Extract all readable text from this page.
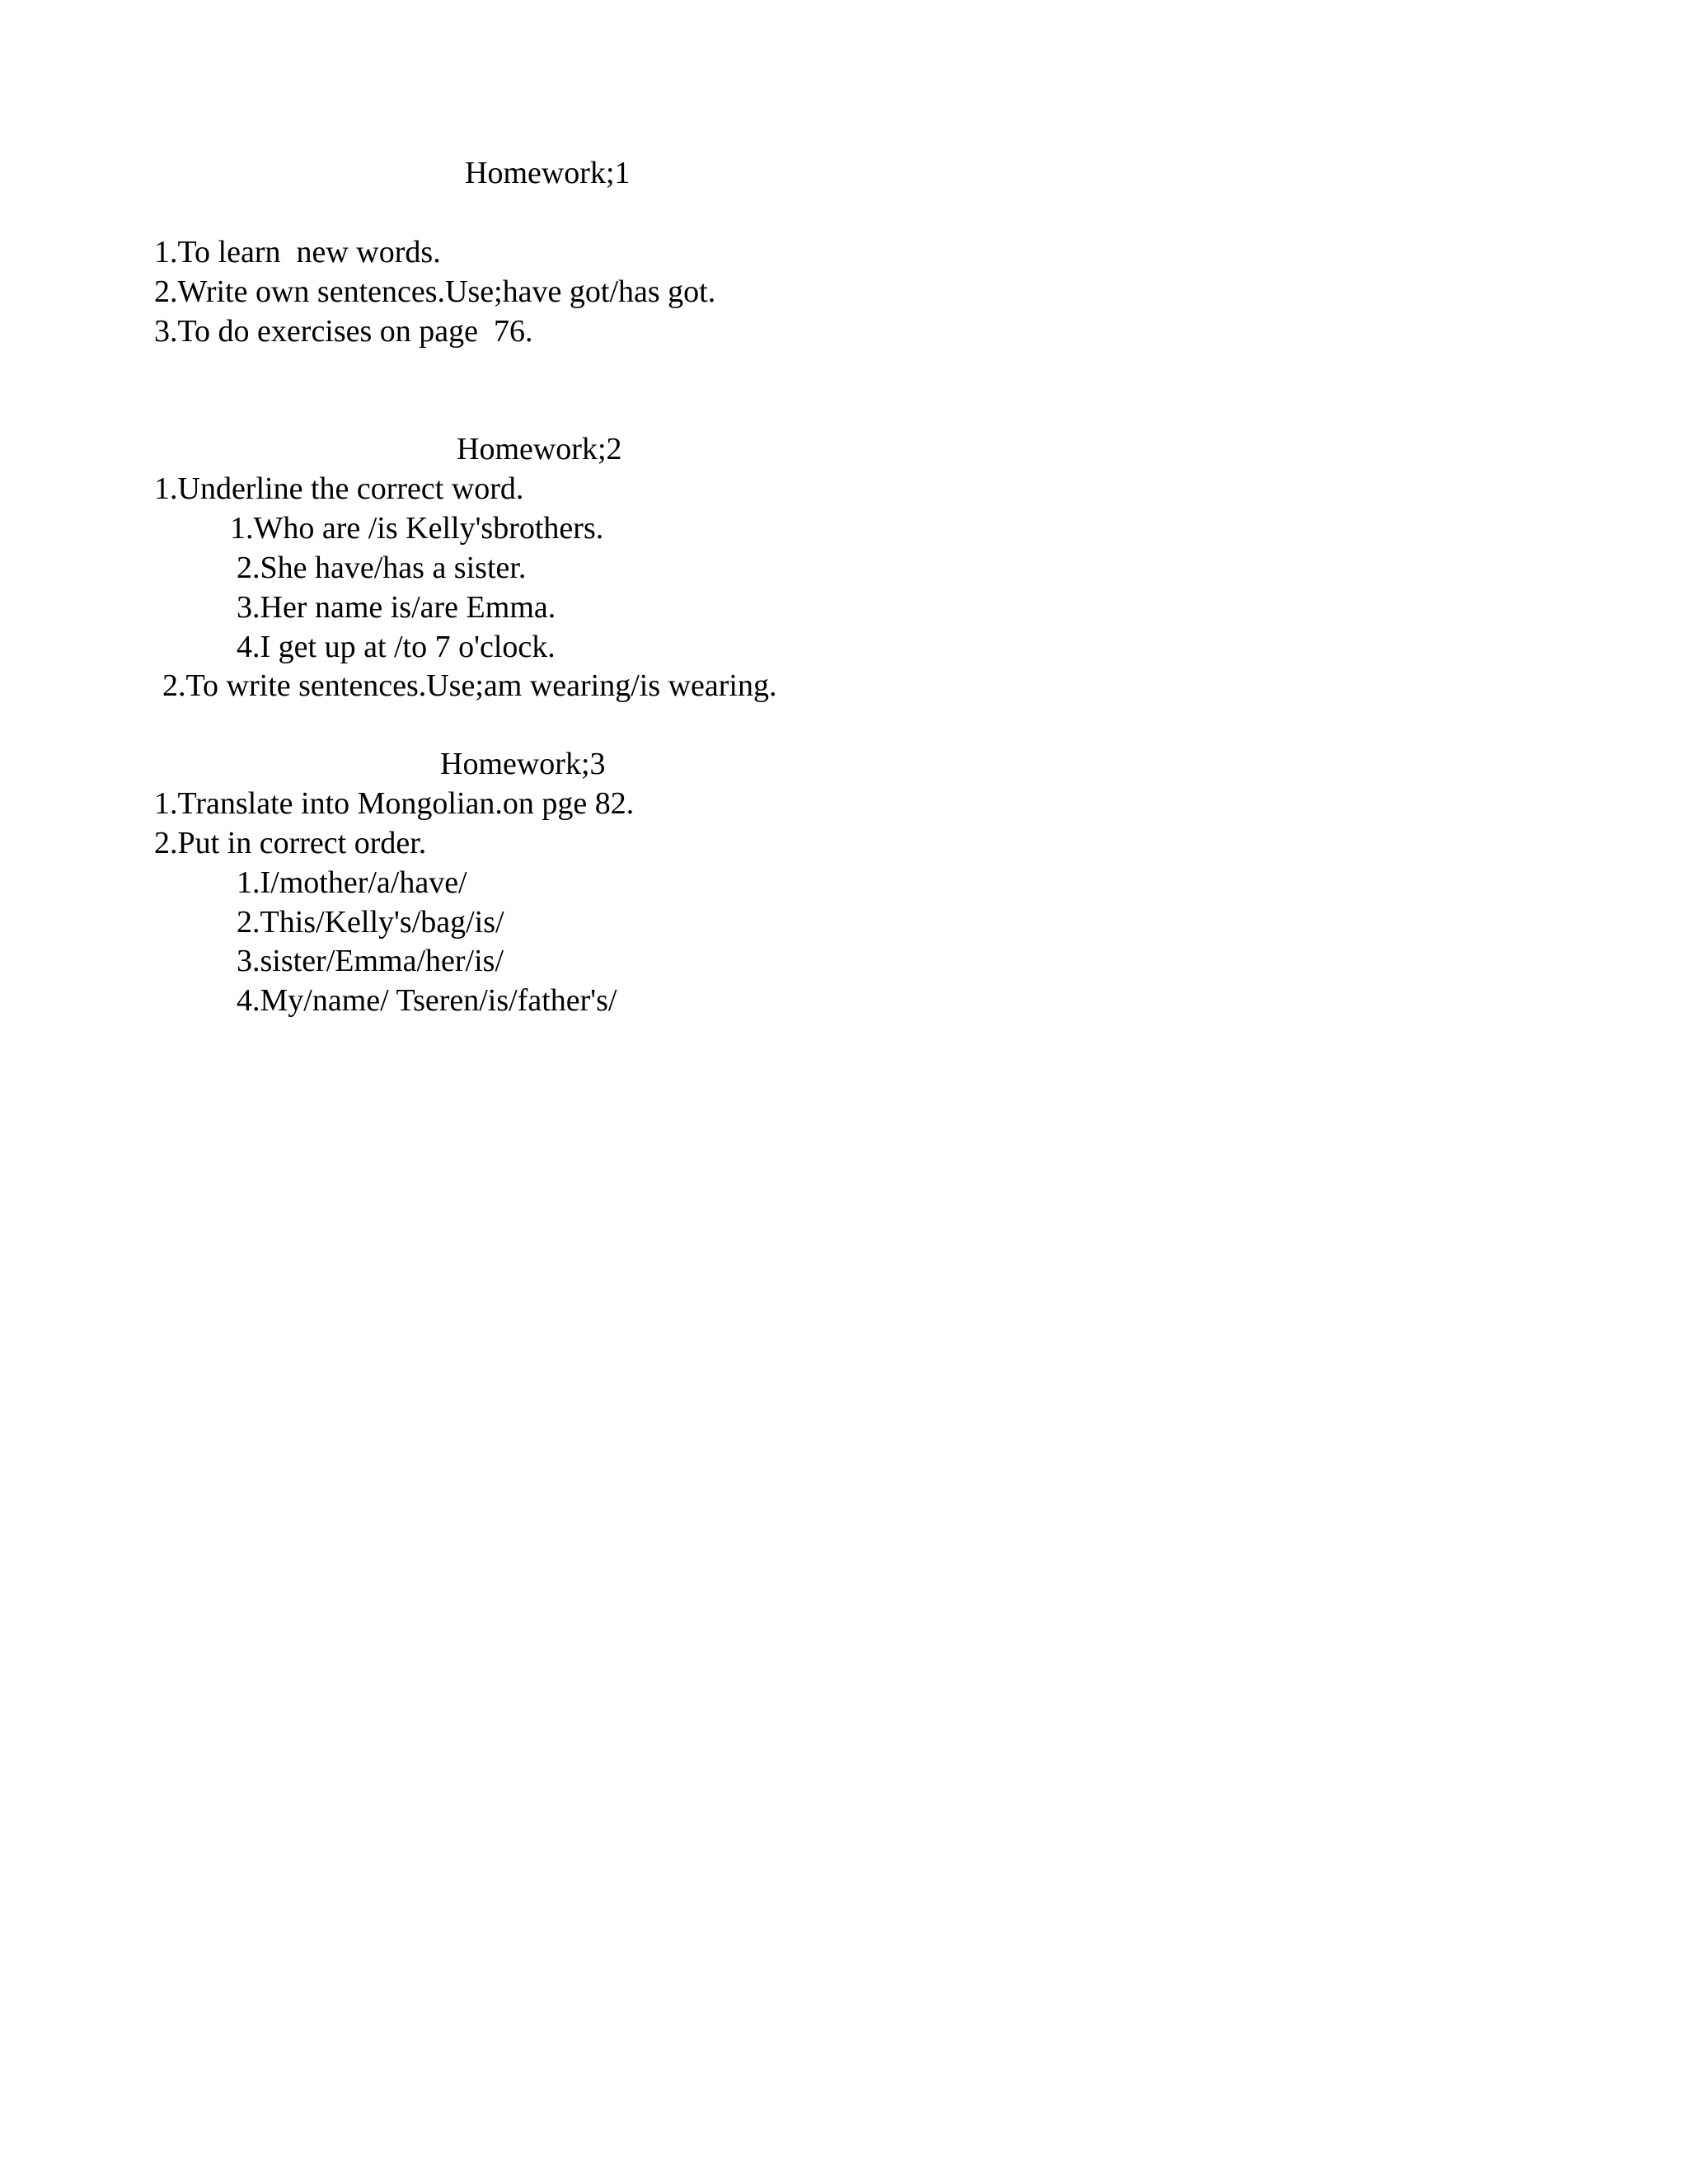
Homework;1

1.To learn  new words.

2.Write own sentences.Use;have got/has got.

3.To do exercises on page  76.

Homework;2

1.Underline the correct word.

1.Who are /is Kelly'sbrothers.

2.She have/has a sister.

3.Her name is/are Emma.

4.I get up at /to 7 o'clock.

2.To write sentences.Use;am wearing/is wearing.

Homework;3

1.Translate into Mongolian.on pge 82.

2.Put in correct order.

1.I/mother/a/have/

2.This/Kelly's/bag/is/

3.sister/Emma/her/is/

4.My/name/ Tseren/is/father's/
